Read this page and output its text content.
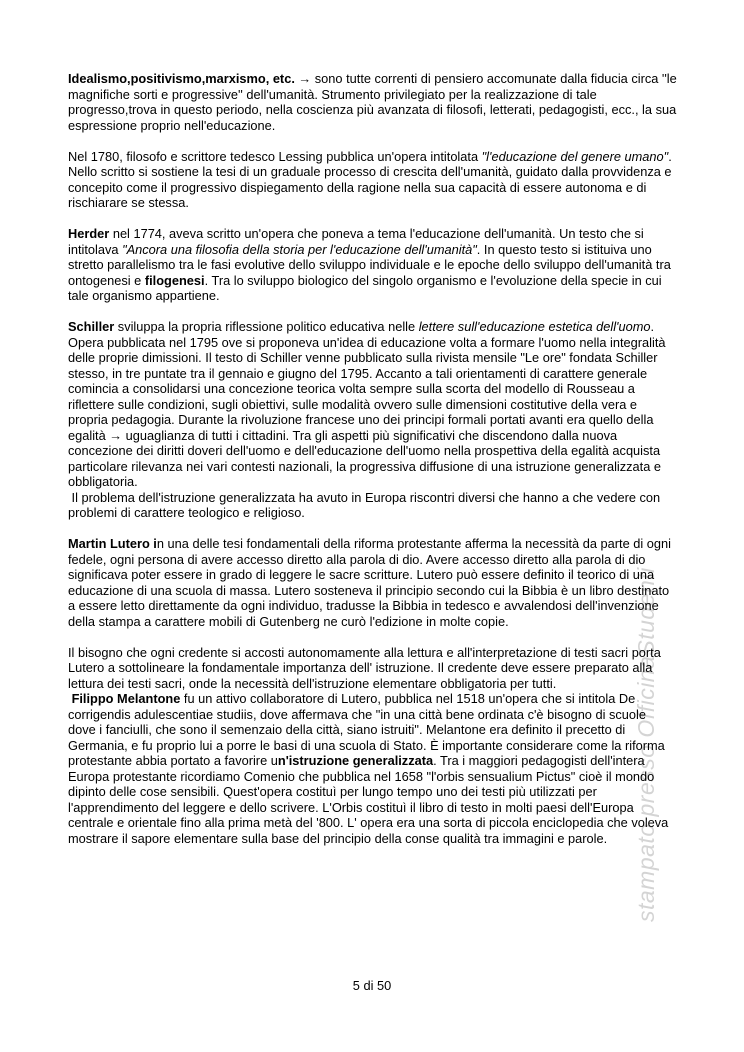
stampato presso OfficinaStudenti

Idealismo,positivismo,marxismo, etc. → sono tutte correnti di pensiero accomunate dalla fiducia circa ''le magnifiche sorti e progressive'' dell'umanità. Strumento privilegiato per la realizzazione di tale progresso,trova in questo periodo, nella coscienza più avanzata di filosofi, letterati, pedagogisti, ecc., la sua espressione proprio nell'educazione.

Nel 1780, filosofo e scrittore tedesco Lessing pubblica un'opera intitolata "l'educazione del genere umano". Nello scritto si sostiene la tesi di un graduale processo di crescita dell'umanità, guidato dalla provvidenza e concepito come il progressivo dispiegamento della ragione nella sua capacità di essere autonoma e di rischiarare se stessa.

Herder nel 1774, aveva scritto un'opera che poneva a tema l'educazione dell'umanità. Un testo che si intitolava "Ancora una filosofia della storia per l'educazione dell'umanità". In questo testo si istituiva uno stretto parallelismo tra le fasi evolutive dello sviluppo individuale e le epoche dello sviluppo dell'umanità tra ontogenesi e filogenesi. Tra lo sviluppo biologico del singolo organismo e l'evoluzione della specie in cui tale organismo appartiene.

Schiller sviluppa la propria riflessione politico educativa nelle lettere sull'educazione estetica dell'uomo. Opera pubblicata nel 1795 ove si proponeva un'idea di educazione volta a formare l'uomo nella integralità delle proprie dimissioni. Il testo di Schiller venne pubblicato sulla rivista mensile "Le ore" fondata Schiller stesso, in tre puntate tra il gennaio e giugno del 1795. Accanto a tali orientamenti di carattere generale comincia a consolidarsi una concezione teorica volta sempre sulla scorta del modello di Rousseau a riflettere sulle condizioni, sugli obiettivi, sulle modalità ovvero sulle dimensioni costitutive della vera e propria pedagogia. Durante la rivoluzione francese uno dei principi formali portati avanti era quello della egalità → uguaglianza di tutti i cittadini. Tra gli aspetti più significativi che discendono dalla nuova concezione dei diritti doveri dell'uomo e dell'educazione dell'uomo nella prospettiva della egalità acquista particolare rilevanza nei vari contesti nazionali, la progressiva diffusione di una istruzione generalizzata e obbligatoria.
Il problema dell'istruzione generalizzata ha avuto in Europa riscontri diversi che hanno a che vedere con problemi di carattere teologico e religioso.

Martin Lutero in una delle tesi fondamentali della riforma protestante afferma la necessità da parte di ogni fedele, ogni persona di avere accesso diretto alla parola di dio. Avere accesso diretto alla parola di dio significava poter essere in grado di leggere le sacre scritture. Lutero può essere definito il teorico di una educazione di una scuola di massa. Lutero sosteneva il principio secondo cui la Bibbia è un libro destinato a essere letto direttamente da ogni individuo, tradusse la Bibbia in tedesco e avvalendosi dell'invenzione della stampa a carattere mobili di Gutenberg ne curò l'edizione in molte copie.

Il bisogno che ogni credente si accosti autonomamente alla lettura e all'interpretazione di testi sacri porta Lutero a sottolineare la fondamentale importanza dell' istruzione. Il credente deve essere preparato alla lettura dei testi sacri, onde la necessità dell'istruzione elementare obbligatoria per tutti.
Filippo Melantone fu un attivo collaboratore di Lutero, pubblica nel 1518 un'opera che si intitola De corrigendis adulescentiae studiis, dove affermava che "in una città bene ordinata c'è bisogno di scuole dove i fanciulli, che sono il semenzaio della città, siano istruiti". Melantone era definito il precetto di Germania, e fu proprio lui a porre le basi di una scuola di Stato. È importante considerare come la riforma protestante abbia portato a favorire un'istruzione generalizzata. Tra i maggiori pedagogisti dell'intera Europa protestante ricordiamo Comenio che pubblica nel 1658 "l'orbis sensualium Pictus" cioè il mondo dipinto delle cose sensibili. Quest'opera costituì per lungo tempo uno dei testi più utilizzati per l'apprendimento del leggere e dello scrivere. L'Orbis costituì il libro di testo in molti paesi dell'Europa centrale e orientale fino alla prima metà del '800. L' opera era una sorta di piccola enciclopedia che voleva mostrare il sapore elementare sulla base del principio della conse qualità tra immagini e parole.

5 di 50
